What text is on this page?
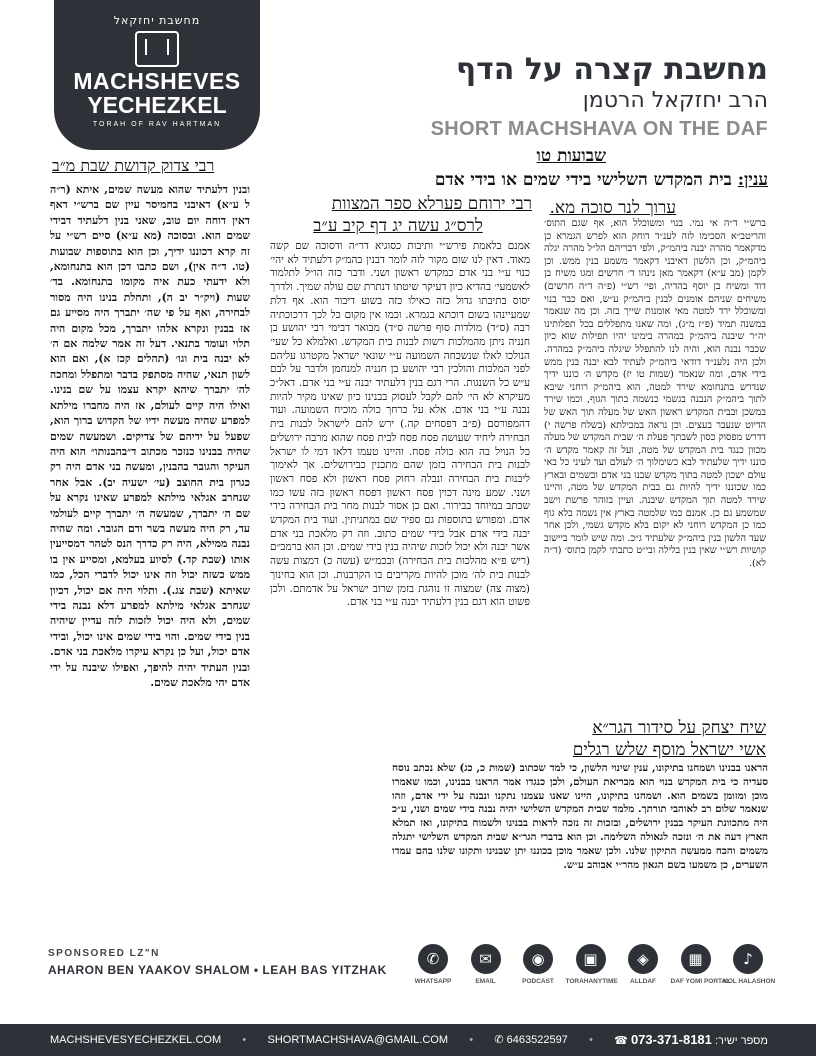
מחשבת יחזקאל
MACHSHEVES
YECHEZKEL
TORAH OF RAV HARTMAN
מחשבת קצרה על הדף
הרב יחזקאל הרטמן
SHORT MACHSHAVA ON THE DAF
שבועות טו
ענין: בית המקדש השלישי בידי שמים או בידי אדם
רבי צדוק קדושת שבת מ״ב
רבי ירוחם פערלא ספר המצוות
לרס״ג עשה יג דף קיב ע״ב
ערוך לנר סוכה מא.
שיח יצחק על סידור הגר״א
אשי ישראל מוסף שלש רגלים
ובנין דלעתיד שהוא מעשה שמים, איתא (ר״ה ל ע״א) דאיבני בחמיסר עיין שם ברש״י דאף דאין דוחה יום טוב, שאני בנין דלעתיד דבידי שמים הוא. ובסוכה (מא ע״א) סיים רש״י על זה קרא דכוננו ידיך, וכן הוא בתוספות שבועות (טו. ד״ה אין), ושם כתבו דכן הוא בתנחומא, ולא ידעתי כעת איה מקומו בתנחומא. בד׳ שעות (ויק״ר יב ה), ותחלת בנינו היה מסור לבחירה, ואף על פי שה׳ יתברך היה מסייע גם אז בבנין ונקרא אלהו יתברך, מכל מקום היה תלוי ועומד בתנאי. דעל זה אמר שלמה אם ה׳ לא יבנה בית וגו׳ (תהלים קכז א), ואם הוא לשון תנאי, שהיה מסתפק בדבר ומתפלל ומחכה לה׳ יתברך שיהא יקרא עצמו על שם בנינו. ואילו היה קיים לעולם, אז היה מחברו מילתא למפרע שהיה מעשה ידיו של הקדוש ברוך הוא, שפעל על ידיהם של צדיקים. ושמעשה שמים שהיה בבנינו כנזכר מכתוב ד״בהבנותו״ הוא היה העיקר והגובר בהבנין, ומעשה בני אדם היה רק כגרון בית החוצב (עי׳ ישעיה יב). אבל אחר שנחרב אגלאי מילתא למפרע שאינו נקרא על שם ה׳ יתברך, שמעשה ה׳ יתברך קיים לעולמי עד, רק היה מעשה בשר ודם הגובר. ומה שהיה נבנה ממילא, היה רק כדרך הנס לטהר דמסייעין אותו (שבת קד.) לסיוע בעלמא, ומסייע אין בו ממש כשזה יכול וזה אינו יכול לדברי הכל, כמו שאיתא (שבת צג.). ותלוי היה אם יכול, דכיון שנחרב אגלאי מילתא למפרע דלא נבנה בידי שמים, ולא היה יכול לזכות לזה עדיין שיהיה בנין בידי שמים. והוי בידי שמים אינו יכול, ובידי אדם יכול, ועל כן נקרא עיקרו מלאכת בני אדם. ובנין העתיד יהיה להיפך, ואפילו שיבנה על ידי אדם יהי מלאכת שמים.
אמנם בלאמת פירש״י ותיבות כסוגיא דר״ה ודסוכה שם קשה מאוד. דאין לנו שום מקור לזה לומר דבנין בהמ״ק דלעתיד לא יהי׳ כנוי ע״י בני אדם כמקדש ראשון ושני. ודבר כזה הו״ל לתלמוד לאשמעי׳ בהדיא כיון דעיקר שיטתו דנתרת שם עולה שמיך. ולדרך יסוס בתיבתו גדול כזה כאילו כזה בשוע דיבור הוא. אף דלת שמעיינהו בשום דוכתא בגמרא. וכמו אין מקום כל לכך דרכוכתיה רבה (ס״ד) מולדות סוף פרשה ס״ד) מבואר דבימי רבי יהושע בן חנניה ניתן מהמלכות רשות לבנות בית המקדש. ואלמלא כל שעי׳ הנולכו לאלו שנשכחה השמועה ע״י שונאי ישראל מקטרגו עליהם לפני המלכות והולכין רבי יהושע בן חנניה למנחמן ולדבר על לבם ע״ש כל השנגות. הרי דגם בנין דלעתיד יבנה ע״י בני אדם. דאל״כ מעיקרא לא הי׳ להם לקבל לעסוק בבנינו כיון שאינו מקיר להיות נבנה ע״י בני אדם. אלא על כרחך כולה מוכיח השמועה. ועוד דהמפורסם (פ״ב דפסחים קה.) ירש להם לישראל לבנות בית הבחירה ליחיד שעושה פסח פסח לבית פסח שהוא מרבה ירושלים כל הנויל בה הוא כולה פסח. והיינו טעמו דלאו דמי לו ישראל לבנות בית הבחירה בזמן שהם מתכנין כבירושלים. אך לאימוך ליבנות בית הבחירה ונבלה רחוק פסח ראשון ולא פסח ראשון ושני. שמע מינה דכוין פסח ראשון דפסח ראשון בזה עשו כמו שכתב במיוחד בבירור. ואם כן אסור לבנות מחר בית הבחירה בידי אדם. ומפורש בתוספות גם ספיר שם במתניתין. ועוד בית המקדש יבנה בידי אדם אבל בידי שמים כתוב. וזה רק מלאכת בני אדם אשר יבנה ולא יכול לזכות שיהיה בנין בידי שמים. וכן הוא ברמב״ם (ריש פ״א מהלכות בית הבחירה) ובכמ״ש (עשה כ) דמצות עשה לבנות בית לה׳ מוכן להיות מקריבים בו הקרבנות. וכן הוא בחינוך (מצוה צה) שמצוה זו נוהגת בזמן שרוב ישראל על אדמתם. ולכן פשוט הוא דגם בנין דלעתיד יבנה ע״י בני אדם.
ברש״י ד״ה אי נמי. בנוי ומשוכלל הוא, אף שגם התוס׳ והריטב״א הסכימו לזה לענ״ד דוחק הוא לפרש הגמרא כן מדקאמר מהרה יבנה ביהמ״ק, ולפי דבריהם הל״ל מהרה יגלה ביהמ״ק, וכן הלשון דאיבני דקאמר משמע בנין ממש. וכן לקמן (מב ע״א) דקאמר מאן נינהו ד׳ חרשים ומגו משיח בן דוד ומשיח בן יוסף בהדיה, ופי׳ רש״י (פ״ה ד״ה חרשים) משיחים שניהם אומנים לבנין ביהמ״ק ע״ש, ואם כבר בנוי ומשוכלל ירד למטה מאי אומנות שייך בזה. וכן מה שנאמר במשנה תמיד (פ״ז מ״ג), ומה שאנו מתפללים בכל תפלותינו יה״ר שיבנה ביהמ״ק במהרה בימינו יהיו תפילות שוא כיון שכבר נבנה הוא, והיה לנו להתפלל שיגלה ביהמ״ק במהרה. ולכן היה נלענ״ד דודאי ביהמ״ק לעתיד לבא יבנה בנין ממש בידי אדם, ומה שנאמר (שמות טו יז) מקדש ה׳ כוננו ידיך שנדרש בתנחומא שירד למטה, הוא ביהמ״ק רוחני שיבא לתוך ביהמ״ק הנבנה בגשמי כנשמה בתוך הגוף, וכמו שירד במשכן ובבית המקדש ראשון האש של מעלה תוך האש של הדיוט שנעבר בעצים. וכן נראה במכילתא (בשלח פרשה י) דדרש מפסוק כסון לשבתך פעלת ה׳ שבית המקדש של מעלה מכוון כנגד בית המקדש של מטה, ועל זה קאמר מקדש ה׳ כוננו ידיך שלעתיד לבא כשימלוך ה׳ לעולם ועד לעיני כל באי עולם ישכון למטה בתוך מקדש שבנו בני אדם ובשמים ובארץ כמו שכוננו ידיך להיות גם בבית המקדש של מטה, והיינו שירד למטה תוך המקדש שיבנה. ועיין בזוהר פרשת וישב שמשמע גם כן. אמנם כמו שלמטה בארץ אין נשמה בלא גוף כמו כן המקדש רוחני לא יקום בלא מקדש גשמי, ולכן אחר שעד הלשון בנין ביהמ״ק שלעתיד ג״כ. ומה שיש לומר ביישוב קושיות רש״י שאין בנין בלילה ובי״ט כתבתי לקמן בתוס׳ (ד״ה לא).
הראנו בבנינו ושמחנו בתיקונו, ענין שינוי הלשון, כי למד שכתוב (שמות כ, כג) שלא נכתב נוסח סעדיה כי בית המקדש בנוי הוא מבריאת העולם, ולכן כנגדו אמר הראנו בבנינו, וכמו שאמרו מוכן ומזומן בשמים הוא. ושמחנו בתיקונו, היינו שאנו עצמנו נתקנו ונבנה על ידי אדם, וזהו שנאמר שלום רב לאוהבי תורתך. מלמד שבית המקדש השלישי יהיה נבנה בידי שמים ושני, ע״כ היה מתכוונת העיקר בבנין ירושלים, ובזכות זה נזכה לראות בבנינו ולשמוח בתיקונו, ואז תמלא הארץ דעה את ה׳ ונזכה לגאולה השלימה. וכן הוא בדברי הגר״א שבית המקדש השלישי יתגלה משמים והכח ממעשה התיקון שלנו. ולכן שאמר מוכן בכוננו יתן שבנינו ותקונו שלנו בהם עמדו השערים, כן משמעו בשם הגאון מהר״י אבוהב ע״ש.
SPONSORED LZ"N
AHARON BEN YAAKOV SHALOM • LEAH BAS YITZHAK
✆
WHATSAPP
✉
EMAIL
◉
PODCAST
▣
TORAHANYTIME
◈
ALLDAF
▦
DAF YOMI PORTAL
♪
KOL HALASHON
MACHSHEVESYECHEZKEL.COM • SHORTMACHSHAVA@GMAIL.COM • ✆ 6463522597 •	מספר ישיר: 073-371-8181 ☎
